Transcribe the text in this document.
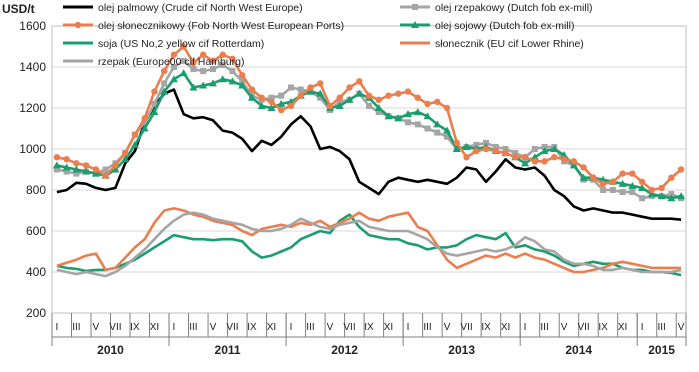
USD/t
200
400
600
800
1000
1200
1400
1600
I III V VII IX XI I III V VII IX XI I III V VII IX XI I III V VII IX XI I III V VII IX XI I III V
2010	2011	2012	2013	2014	2015
olej palmowy (Crude cif North West Europe)
olej słonecznikowy (Fob North West European Ports)
soja (US No,2 yellow cif Rotterdam)
olej rzepakowy (Dutch fob ex-mill)
olej sojowy (Dutch fob ex-mill)
słonecznik (EU cif Lower Rhine)
rzepak (Europe00 cif Hamburg)
